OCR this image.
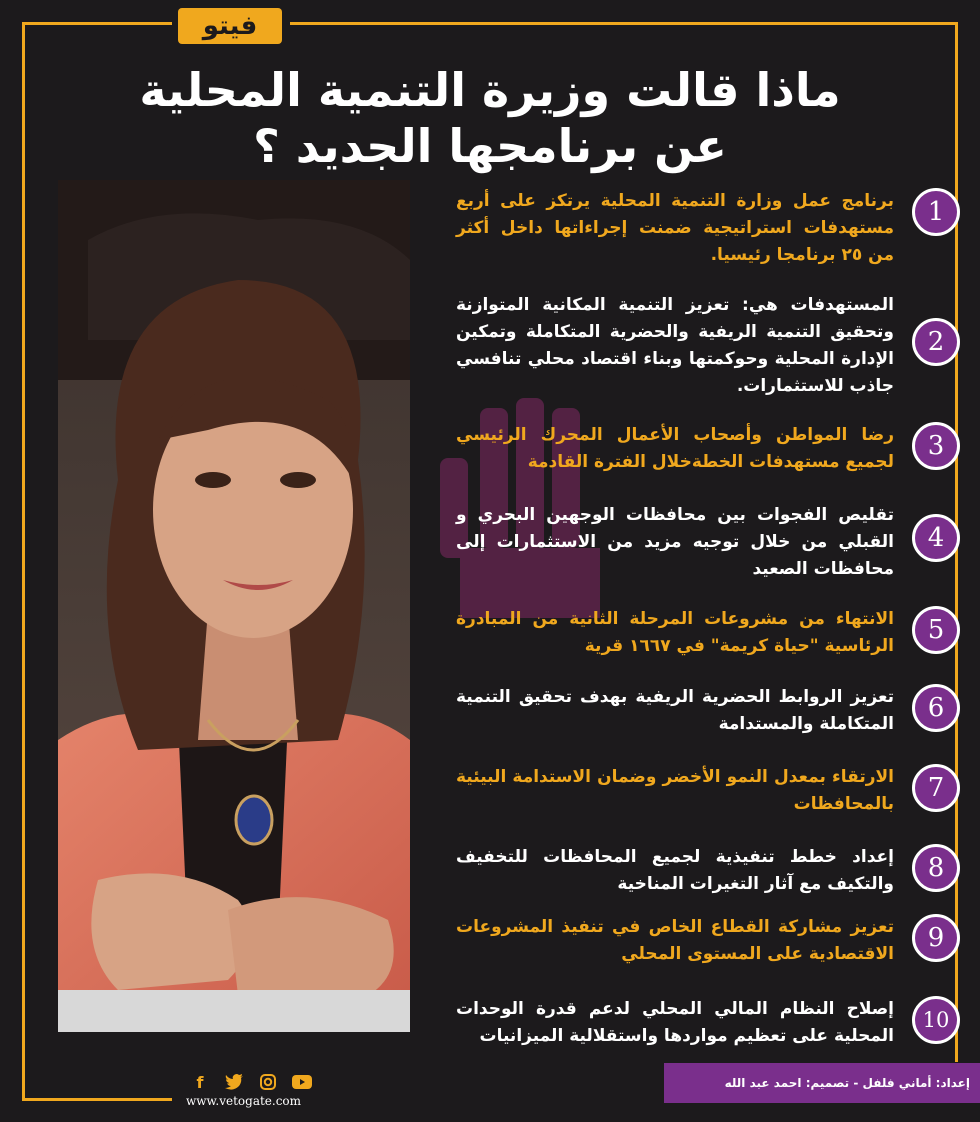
فيتو
ماذا قالت وزيرة التنمية المحلية
عن برنامجها الجديد ؟
1
برنامج عمل وزارة التنمية المحلية يرتكز على أربع مستهدفات استراتيجية ضمنت إجراءاتها داخل أكثر من ٢٥ برنامجا رئيسيا.
2
المستهدفات هي: تعزيز التنمية المكانية المتوازنة وتحقيق التنمية الريفية والحضرية المتكاملة وتمكين الإدارة المحلية وحوكمتها وبناء اقتصاد محلي تنافسي جاذب للاستثمارات.
3
رضا المواطن وأصحاب الأعمال المحرك الرئيسي لجميع مستهدفات الخطةخلال الفترة القادمة
4
تقليص الفجوات بين محافظات الوجهين البحري و القبلي من خلال توجيه مزيد من الاستثمارات إلى محافظات الصعيد
5
الانتهاء من مشروعات المرحلة الثانية من المبادرة الرئاسية "حياة كريمة" في ١٦٦٧ قرية
6
تعزيز الروابط الحضرية الريفية بهدف تحقيق التنمية المتكاملة والمستدامة
7
الارتقاء بمعدل النمو الأخضر وضمان الاستدامة البيئية بالمحافظات
8
إعداد خطط تنفيذية لجميع المحافظات للتخفيف والتكيف مع آثار التغيرات المناخية
9
تعزيز مشاركة القطاع الخاص في تنفيذ المشروعات الاقتصادية على المستوى المحلي
10
إصلاح النظام المالي المحلي لدعم قدرة الوحدات المحلية على تعظيم مواردها واستقلالية الميزانيات
إعداد: أماني فلفل - تصميم: احمد عبد الله
f
www.vetogate.com
